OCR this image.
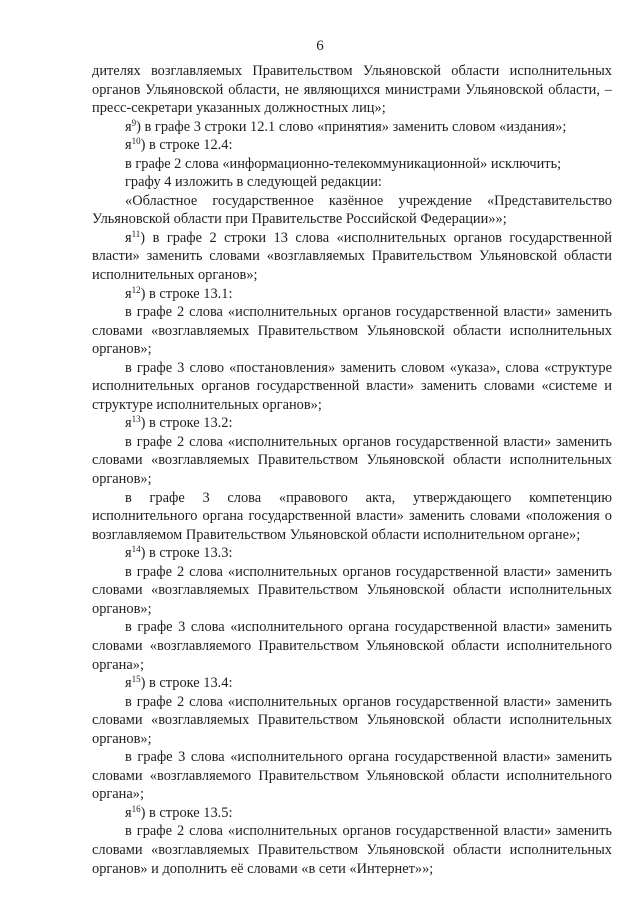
6

дителях возглавляемых Правительством Ульяновской области исполнительных органов Ульяновской области, не являющихся министрами Ульяновской области, – пресс-секретари указанных должностных лиц»;

$я^9$) в графе 3 строки 12.1 слово «принятия» заменить словом «издания»;

$я^{10}$) в строке 12.4:

в графе 2 слова «информационно-телекоммуникационной» исключить;

графу 4 изложить в следующей редакции:

«Областное государственное казённое учреждение «Представительство Ульяновской области при Правительстве Российской Федерации»»;

$я^{11}$) в графе 2 строки 13 слова «исполнительных органов государственной власти» заменить словами «возглавляемых Правительством Ульяновской области исполнительных органов»;

$я^{12}$) в строке 13.1:

в графе 2 слова «исполнительных органов государственной власти» заменить словами «возглавляемых Правительством Ульяновской области исполнительных органов»;

в графе 3 слово «постановления» заменить словом «указа», слова «структуре исполнительных органов государственной власти» заменить словами «системе и структуре исполнительных органов»;

$я^{13}$) в строке 13.2:

в графе 2 слова «исполнительных органов государственной власти» заменить словами «возглавляемых Правительством Ульяновской области исполнительных органов»;

в графе 3 слова «правового акта, утверждающего компетенцию исполнительного органа государственной власти» заменить словами «положения о возглавляемом Правительством Ульяновской области исполнительном органе»;

$я^{14}$) в строке 13.3:

в графе 2 слова «исполнительных органов государственной власти» заменить словами «возглавляемых Правительством Ульяновской области исполнительных органов»;

в графе 3 слова «исполнительного органа государственной власти» заменить словами «возглавляемого Правительством Ульяновской области исполнительного органа»;

$я^{15}$) в строке 13.4:

в графе 2 слова «исполнительных органов государственной власти» заменить словами «возглавляемых Правительством Ульяновской области исполнительных органов»;

в графе 3 слова «исполнительного органа государственной власти» заменить словами «возглавляемого Правительством Ульяновской области исполнительного органа»;

$я^{16}$) в строке 13.5:

в графе 2 слова «исполнительных органов государственной власти» заменить словами «возглавляемых Правительством Ульяновской области исполнительных органов» и дополнить её словами «в сети «Интернет»»;
